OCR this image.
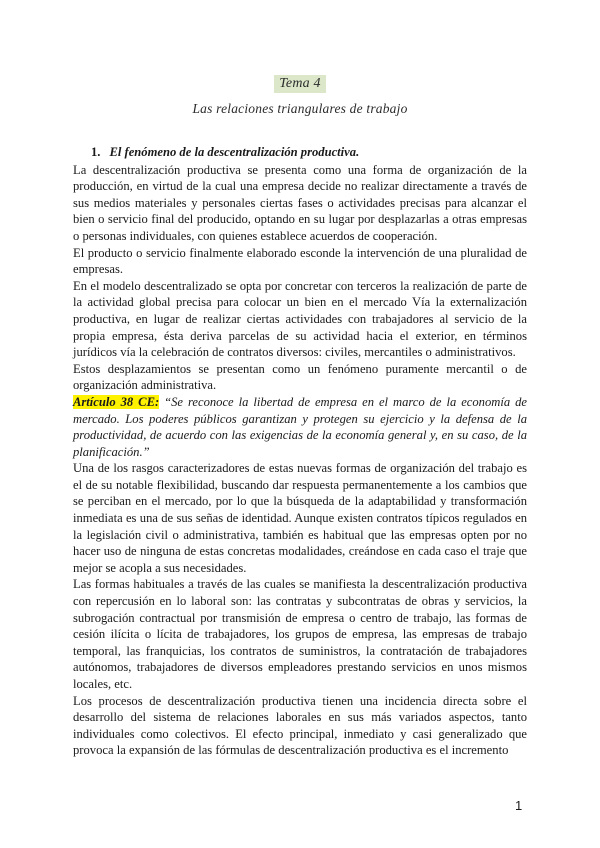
Tema 4
Las relaciones triangulares de trabajo
1. El fenómeno de la descentralización productiva.

La descentralización productiva se presenta como una forma de organización de la producción, en virtud de la cual una empresa decide no realizar directamente a través de sus medios materiales y personales ciertas fases o actividades precisas para alcanzar el bien o servicio final del producido, optando en su lugar por desplazarlas a otras empresas o personas individuales, con quienes establece acuerdos de cooperación.

El producto o servicio finalmente elaborado esconde la intervención de una pluralidad de empresas.

En el modelo descentralizado se opta por concretar con terceros la realización de parte de la actividad global precisa para colocar un bien en el mercado Vía la externalización productiva, en lugar de realizar ciertas actividades con trabajadores al servicio de la propia empresa, ésta deriva parcelas de su actividad hacia el exterior, en términos jurídicos vía la celebración de contratos diversos: civiles, mercantiles o administrativos.

Estos desplazamientos se presentan como un fenómeno puramente mercantil o de organización administrativa.

Artículo 38 CE: “Se reconoce la libertad de empresa en el marco de la economía de mercado. Los poderes públicos garantizan y protegen su ejercicio y la defensa de la productividad, de acuerdo con las exigencias de la economía general y, en su caso, de la planificación.”

Una de los rasgos caracterizadores de estas nuevas formas de organización del trabajo es el de su notable flexibilidad, buscando dar respuesta permanentemente a los cambios que se perciban en el mercado, por lo que la búsqueda de la adaptabilidad y transformación inmediata es una de sus señas de identidad. Aunque existen contratos típicos regulados en la legislación civil o administrativa, también es habitual que las empresas opten por no hacer uso de ninguna de estas concretas modalidades, creándose en cada caso el traje que mejor se acopla a sus necesidades.

Las formas habituales a través de las cuales se manifiesta la descentralización productiva con repercusión en lo laboral son: las contratas y subcontratas de obras y servicios, la subrogación contractual por transmisión de empresa o centro de trabajo, las formas de cesión ilícita o lícita de trabajadores, los grupos de empresa, las empresas de trabajo temporal, las franquicias, los contratos de suministros, la contratación de trabajadores autónomos, trabajadores de diversos empleadores prestando servicios en unos mismos locales, etc.

Los procesos de descentralización productiva tienen una incidencia directa sobre el desarrollo del sistema de relaciones laborales en sus más variados aspectos, tanto individuales como colectivos. El efecto principal, inmediato y casi generalizado que provoca la expansión de las fórmulas de descentralización productiva es el incremento

1
